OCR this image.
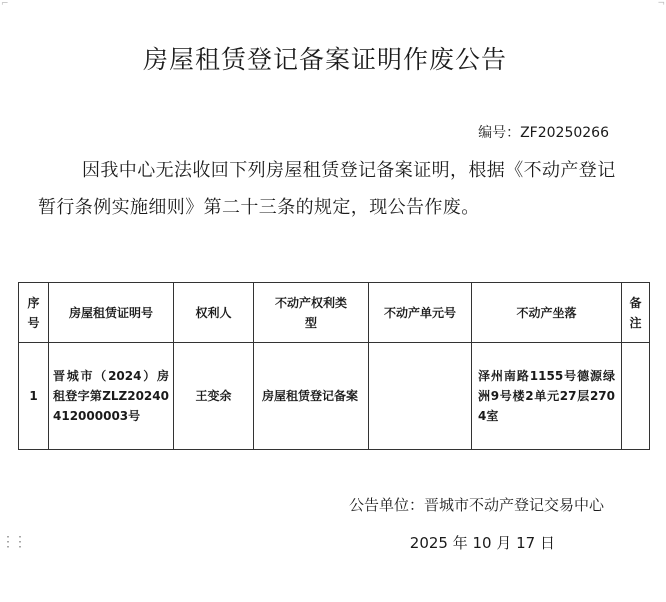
⌐	¬
⋮⋮
房屋租赁登记备案证明作废公告
编号：ZF20250266
因我中心无法收回下列房屋租赁登记备案证明，根据《不动产登记暂行条例实施细则》第二十三条的规定，现公告作废。
序号	房屋租赁证明号	权利人	不动产权利类型	不动产单元号	不动产坐落	备注
1	晋城市（2024）房租登字第ZLZ20240412000003号	王变余	房屋租赁登记备案		泽州南路1155号德源绿洲9号楼2单元27层2704室	
公告单位：晋城市不动产登记交易中心
2025 年 10 月 17 日
